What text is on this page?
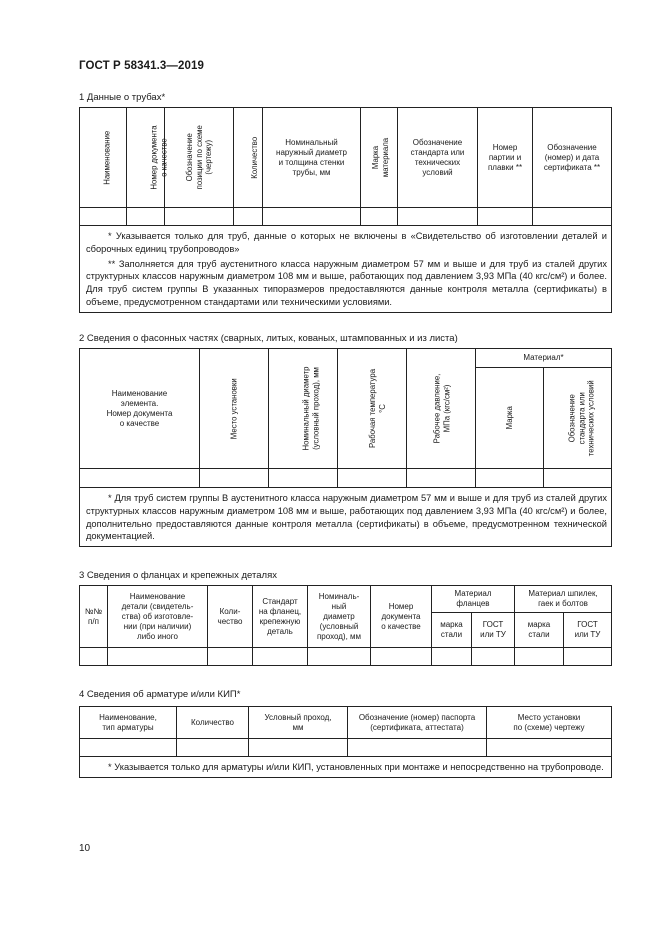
ГОСТ Р 58341.3—2019
1 Данные о трубах*
Наименование	Номер документа
о качестве	Обозначение
позиции по схеме
(чертежу)	Количество	Номинальный
наружный диаметр
и толщина стенки
трубы, мм	Марка
материала	Обозначение
стандарта или
технических
условий	Номер
партии и
плавки **	Обозначение
(номер) и дата
сертификата **

* Указывается только для труб, данные о которых не включены в «Свидетельство об изготовлении деталей и сборочных единиц трубопроводов»

** Заполняется для труб аустенитного класса наружным диаметром 57 мм и выше и для труб из сталей других структурных классов наружным диаметром 108 мм и выше, работающих под давлением 3,93 МПа (40 кгс/см²) и более. Для труб систем группы В указанных типоразмеров предоставляются данные контроля металла (сертификаты) в объеме, предусмотренном стандартами или техническими условиями.								

2 Сведения о фасонных частях (сварных, литых, кованых, штампованных и из листа)
Наименование
элемента.
Номер документа
о качестве	Место установки	Номинальный диаметр
(условный проход), мм	Рабочая температура
°С	Рабочее давление,
МПа (кгс/см²)	Материал*	

					Марка	Обозначение
стандарта или
технических условий

* Для труб систем группы В аустенитного класса наружным диаметром 57 мм и выше и для труб из сталей других структурных классов наружным диаметром 108 мм и выше, работающих под давлением 3,93 МПа (40 кгс/см²) и более, дополнительно предоставляются данные контроля металла (сертификаты) в объеме, предусмотренном технической документацией.						

3 Сведения о фланцах и крепежных деталях
№№
п/п	Наименование
детали (свидетель-
ства) об изготовле-
нии (при наличии)
либо иного	Коли-
чество	Стандарт
на фланец,
крепежную
деталь	Номиналь-
ный
диаметр
(условный
проход), мм	Номер
документа
о качестве	Материал
фланцев		Материал шпилек,
гаек и болтов	

						марка
стали	ГОСТ
или ТУ	марка
стали	ГОСТ
или ТУ

4 Сведения об арматуре и/или КИП*
Наименование,
тип арматуры	Количество	Условный проход,
мм	Обозначение (номер) паспорта
(сертификата, аттестата)	Место установки
по (схеме) чертежу

* Указывается только для арматуры и/или КИП, установленных при монтаже и непосредственно на трубопроводе.				

10
